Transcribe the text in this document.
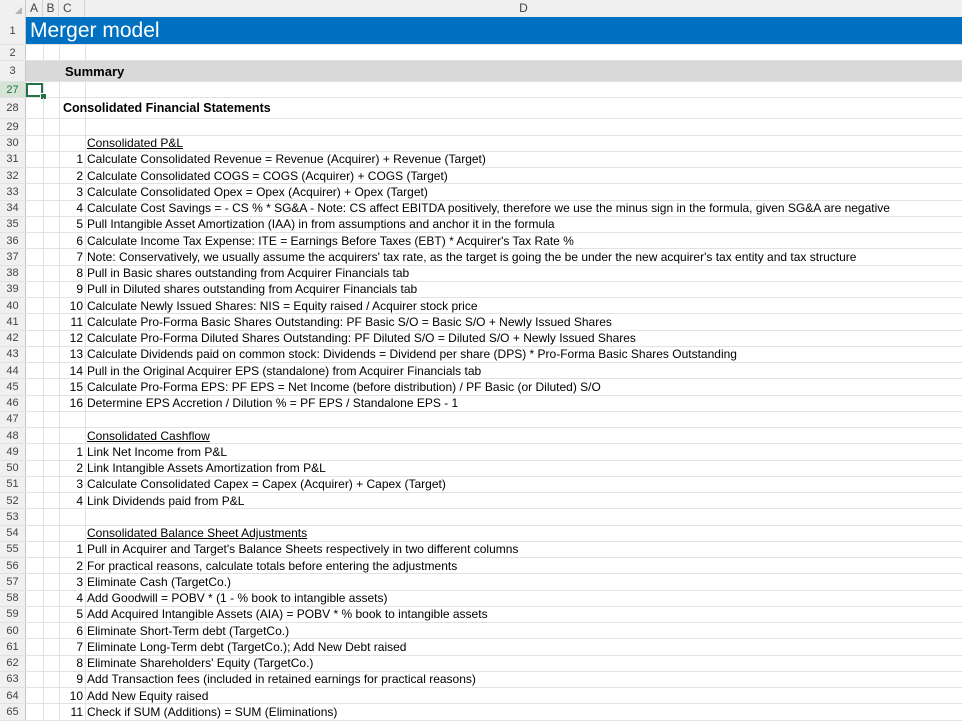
A B C	D
1 Merger model
2
3	Summary
27
28	Consolidated Financial Statements
29
30	Consolidated P&L
31	1 Calculate Consolidated Revenue = Revenue (Acquirer) + Revenue (Target)
32	2 Calculate Consolidated COGS = COGS (Acquirer) + COGS (Target)
33	3 Calculate Consolidated Opex = Opex (Acquirer) + Opex (Target)
34	4 Calculate Cost Savings = - CS % * SG&A - Note: CS affect EBITDA positively, therefore we use the minus sign in the formula, given SG&A are negative
35	5 Pull Intangible Asset Amortization (IAA) in from assumptions and anchor it in the formula
36	6 Calculate Income Tax Expense: ITE = Earnings Before Taxes (EBT) * Acquirer's Tax Rate %
37	7 Note: Conservatively, we usually assume the acquirers' tax rate, as the target is going the be under the new acquirer's tax entity and tax structure
38	8 Pull in Basic shares outstanding from Acquirer Financials tab
39	9 Pull in Diluted shares outstanding from Acquirer Financials tab
40	10 Calculate Newly Issued Shares: NIS = Equity raised / Acquirer stock price
41	11 Calculate Pro-Forma Basic Shares Outstanding: PF Basic S/O = Basic S/O + Newly Issued Shares
42	12 Calculate Pro-Forma Diluted Shares Outstanding: PF Diluted S/O = Diluted S/O + Newly Issued Shares
43	13 Calculate Dividends paid on common stock: Dividends = Dividend per share (DPS) * Pro-Forma Basic Shares Outstanding
44	14 Pull in the Original Acquirer EPS (standalone) from Acquirer Financials tab
45	15 Calculate Pro-Forma EPS: PF EPS = Net Income (before distribution) / PF Basic (or Diluted) S/O
46	16 Determine EPS Accretion / Dilution % = PF EPS / Standalone EPS - 1
47
48	Consolidated Cashflow
49	1 Link Net Income from P&L
50	2 Link Intangible Assets Amortization from P&L
51	3 Calculate Consolidated Capex = Capex (Acquirer) + Capex (Target)
52	4 Link Dividends paid from P&L
53
54	Consolidated Balance Sheet Adjustments
55	1 Pull in Acquirer and Target's Balance Sheets respectively in two different columns
56	2 For practical reasons, calculate totals before entering the adjustments
57	3 Eliminate Cash (TargetCo.)
58	4 Add Goodwill = POBV * (1 - % book to intangible assets)
59	5 Add Acquired Intangible Assets (AIA) = POBV * % book to intangible assets
60	6 Eliminate Short-Term debt (TargetCo.)
61	7 Eliminate Long-Term debt (TargetCo.); Add New Debt raised
62	8 Eliminate Shareholders' Equity (TargetCo.)
63	9 Add Transaction fees (included in retained earnings for practical reasons)
64	10 Add New Equity raised
65	11 Check if SUM (Additions) = SUM (Eliminations)
